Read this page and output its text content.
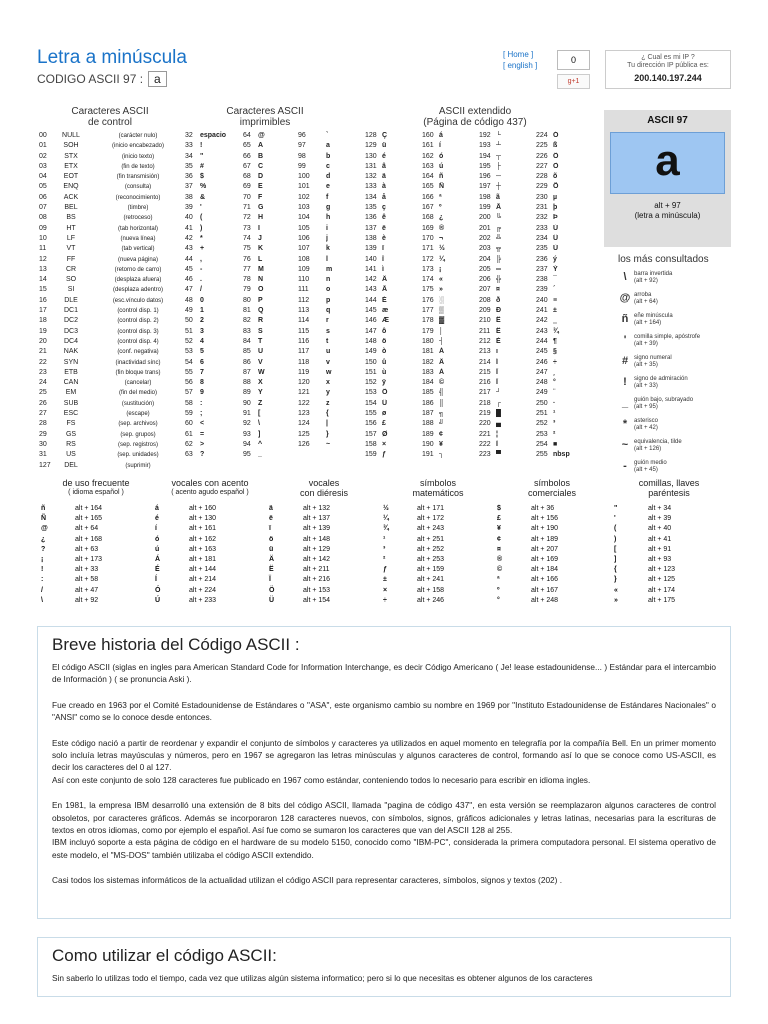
Letra a minúscula
CODIGO ASCII 97 : a
[ Home ]
[ english ]
0
g+1
¿ Cual es mi IP ?
Tu dirección IP pública es:
200.140.197.244
Caracteres ASCII
de control
Caracteres ASCII
imprimibles
ASCII extendido
(Página de código 437)
00	NULL	(carácter nulo)
01	SOH	(inicio encabezado)
02	STX	(inicio texto)
03	ETX	(fin de texto)
04	EOT	(fin transmisión)
05	ENQ	(consulta)
06	ACK	(reconocimiento)
07	BEL	(timbre)
08	BS	(retroceso)
09	HT	(tab horizontal)
10	LF	(nueva línea)
11	VT	(tab vertical)
12	FF	(nueva página)
13	CR	(retorno de carro)
14	SO	(desplaza afuera)
15	SI	(desplaza adentro)
16	DLE	(esc.vínculo datos)
17	DC1	(control disp. 1)
18	DC2	(control disp. 2)
19	DC3	(control disp. 3)
20	DC4	(control disp. 4)
21	NAK	(conf. negativa)
22	SYN	(inactividad sínc)
23	ETB	(fin bloque trans)
24	CAN	(cancelar)
25	EM	(fin del medio)
26	SUB	(sustitución)
27	ESC	(escape)
28	FS	(sep. archivos)
29	GS	(sep. grupos)
30	RS	(sep. registros)
31	US	(sep. unidades)
127	DEL	(suprimir)
32	espacio	64	@	96	`
33	!	65	A	97	a
34	"	66	B	98	b
35	#	67	C	99	c
36	$	68	D	100	d
37	%	69	E	101	e
38	&	70	F	102	f
39	'	71	G	103	g
40	(	72	H	104	h
41	)	73	I	105	i
42	*	74	J	106	j
43	+	75	K	107	k
44	,	76	L	108	l
45	-	77	M	109	m
46	.	78	N	110	n
47	/	79	O	111	o
48	0	80	P	112	p
49	1	81	Q	113	q
50	2	82	R	114	r
51	3	83	S	115	s
52	4	84	T	116	t
53	5	85	U	117	u
54	6	86	V	118	v
55	7	87	W	119	w
56	8	88	X	120	x
57	9	89	Y	121	y
58	:	90	Z	122	z
59	;	91	[	123	{
60	<	92	\	124	|
61	=	93	]	125	}
62	>	94	^	126	~
63	?	95	_
128 Ç	160 á	192 └	224 Ó
129 ü	161 í	193 ┴	225 ß
130 é	162 ó	194 ┬	226 Ô
131 â	163 ú	195 ├	227 Ò
132 ä	164 ñ	196 ─	228 õ
133 à	165 Ñ	197 ┼	229 Õ
134 å	166 ª	198 ã	230 µ
135 ç	167 º	199 Ã	231 þ
136 ê	168 ¿	200 ╚	232 Þ
137 ë	169 ®	201 ╔	233 Ú
138 è	170 ¬	202 ╩	234 Û
139 ï	171 ½	203 ╦	235 Ù
140 î	172 ¼	204 ╠	236 ý
141 ì	173 ¡	205 ═	237 Ý
142 Ä	174 «	206 ╬	238 ¯
143 Å	175 »	207 ¤	239 ´
144 É	176 ░	208 ð	240 ≡
145 æ	177 ▒	209 Ð	241 ±
146 Æ	178 ▓	210 Ê	242 ‗
147 ô	179 │	211 Ë	243 ¾
148 ö	180 ┤	212 È	244 ¶
149 ò	181 Á	213 ı	245 §
150 û	182 Â	214 Í	246 ÷
151 ù	183 À	215 Î	247 ¸
152 ÿ	184 ©	216 Ï	248 °
153 Ö	185 ╣	217 ┘	249 ¨
154 Ü	186 ║	218 ┌	250 ·
155 ø	187 ╗	219 █	251 ¹
156 £	188 ╝	220 ▄	252 ³
157 Ø	189 ¢	221 ¦	253 ²
158 ×	190 ¥	222 Ì	254 ■
159 ƒ	191 ┐	223 ▀	255 nbsp
ASCII 97
a
alt + 97
(letra a minúscula)
los más consultados
\	barra invertida
(alt + 92)
@ arroba
(alt + 64)
ñ eñe minúscula
(alt + 164)
'	comilla simple, apóstrofe
(alt + 39)
# signo numeral
(alt + 35)
!	signo de admiración
(alt + 33)
_ guión bajo, subrayado
(alt + 95)
*	asterisco
(alt + 42)
~ equivalencia, tilde
(alt + 126)
-	guión medio
(alt + 45)
de uso frecuente
( idioma español )
ñ	alt + 164
Ñ	alt + 165
@	alt + 64
¿	alt + 168
?	alt + 63
¡	alt + 173
!	alt + 33
:	alt + 58
/	alt + 47
\	alt + 92
vocales con acento
( acento agudo español )
á	alt + 160
é	alt + 130
í	alt + 161
ó	alt + 162
ú	alt + 163
Á	alt + 181
É	alt + 144
Í	alt + 214
Ó	alt + 224
Ú	alt + 233
vocales
con diéresis
ä	alt + 132
ë	alt + 137
ï	alt + 139
ö	alt + 148
ü	alt + 129
Ä	alt + 142
Ë	alt + 211
Ï	alt + 216
Ö	alt + 153
Ü	alt + 154
símbolos
matemáticos
½	alt + 171
¼	alt + 172
¾	alt + 243
¹	alt + 251
³	alt + 252
²	alt + 253
ƒ	alt + 159
±	alt + 241
×	alt + 158
÷	alt + 246
símbolos
comerciales
$	alt + 36
£	alt + 156
¥	alt + 190
¢	alt + 189
¤	alt + 207
®	alt + 169
©	alt + 184
ª	alt + 166
º	alt + 167
°	alt + 248
comillas, llaves
paréntesis
"	alt + 34
'	alt + 39
(	alt + 40
)	alt + 41
[	alt + 91
]	alt + 93
{	alt + 123
}	alt + 125
«	alt + 174
»	alt + 175
Breve historia del Código ASCII :

El código ASCII (siglas en ingles para American Standard Code for Information Interchange, es decir Código Americano ( Je! lease estadounidense... ) Estándar para el intercambio de Información ) ( se pronuncia Aski ).

Fue creado en 1963 por el Comité Estadounidense de Estándares o "ASA", este organismo cambio su nombre en 1969 por "Instituto Estadounidense de Estándares Nacionales" o "ANSI" como se lo conoce desde entonces.

Este código nació a partir de reordenar y expandir el conjunto de símbolos y caracteres ya utilizados en aquel momento en telegrafía por la compañía Bell. En un primer momento solo incluía letras mayúsculas y números, pero en 1967 se agregaron las letras minúsculas y algunos caracteres de control, formando así lo que se conoce como US-ASCII, es decir los caracteres del 0 al 127.

Así con este conjunto de solo 128 caracteres fue publicado en 1967 como estándar, conteniendo todos lo necesario para escribir en idioma ingles.

En 1981, la empresa IBM desarrolló una extensión de 8 bits del código ASCII, llamada "pagina de código 437", en esta versión se reemplazaron algunos caracteres de control obsoletos, por caracteres gráficos. Además se incorporaron 128 caracteres nuevos, con símbolos, signos, gráficos adicionales y letras latinas, necesarias para la escrituras de textos en otros idiomas, como por ejemplo el español. Así fue como se sumaron los caracteres que van del ASCII 128 al 255.

IBM incluyó soporte a esta página de código en el hardware de su modelo 5150, conocido como "IBM-PC", considerada la primera computadora personal. El sistema operativo de este modelo, el "MS-DOS" también utilizaba el código ASCII extendido.

Casi todos los sistemas informáticos de la actualidad utilizan el código ASCII para representar caracteres, símbolos, signos y textos (202) .

Como utilizar el código ASCII:

Sin saberlo lo utilizas todo el tiempo, cada vez que utilizas algún sistema informatico; pero si lo que necesitas es obtener algunos de los caracteres
